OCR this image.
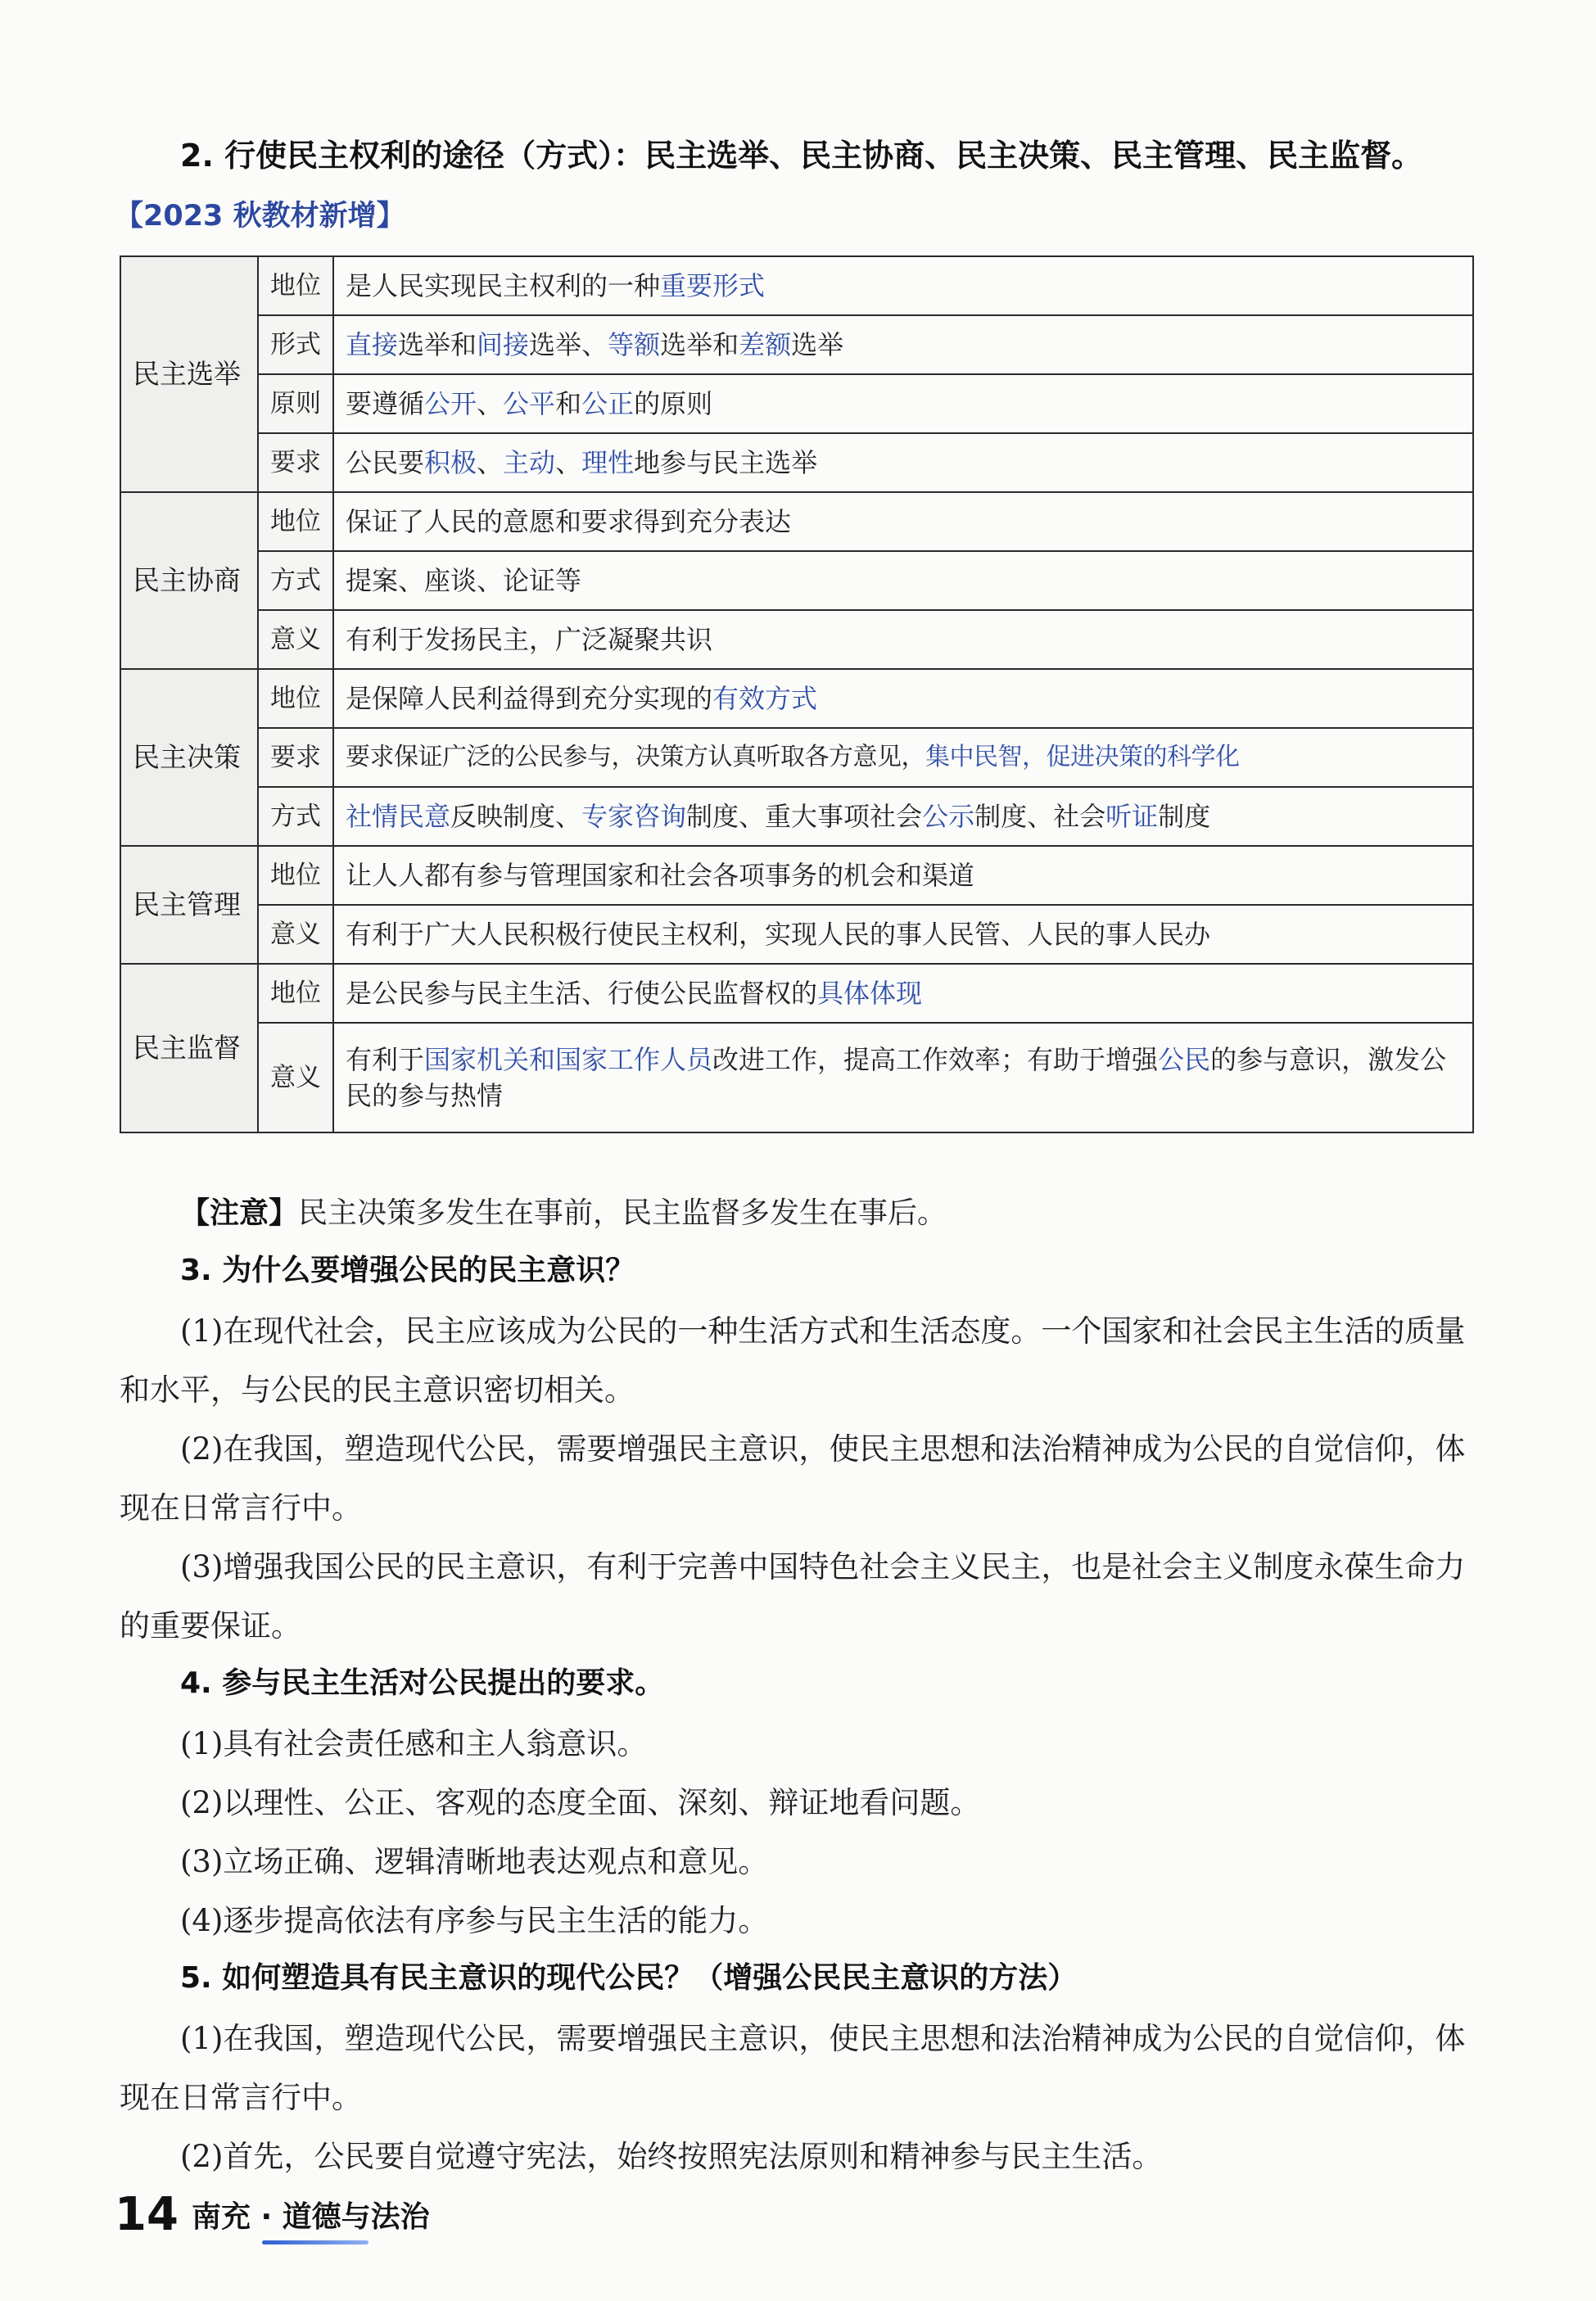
2. 行使民主权利的途径（方式）：民主选举、民主协商、民主决策、民主管理、民主监督。
【2023 秋教材新增】
民主选举	地位	是人民实现民主权利的一种重要形式
	形式	直接选举和间接选举、等额选举和差额选举
	原则	要遵循公开、公平和公正的原则
	要求	公民要积极、主动、理性地参与民主选举
民主协商	地位	保证了人民的意愿和要求得到充分表达
	方式	提案、座谈、论证等
	意义	有利于发扬民主，广泛凝聚共识
民主决策	地位	是保障人民利益得到充分实现的有效方式
	要求	要求保证广泛的公民参与，决策方认真听取各方意见，集中民智，促进决策的科学化
	方式	社情民意反映制度、专家咨询制度、重大事项社会公示制度、社会听证制度
民主管理	地位	让人人都有参与管理国家和社会各项事务的机会和渠道
	意义	有利于广大人民积极行使民主权利，实现人民的事人民管、人民的事人民办
民主监督	地位	是公民参与民主生活、行使公民监督权的具体体现
	意义	有利于国家机关和国家工作人员改进工作，提高工作效率；有助于增强公民的参与意识，激发公民的参与热情
【注意】民主决策多发生在事前，民主监督多发生在事后。
3. 为什么要增强公民的民主意识？
(1)在现代社会，民主应该成为公民的一种生活方式和生活态度。一个国家和社会民主生活的质量和水平，与公民的民主意识密切相关。
(2)在我国，塑造现代公民，需要增强民主意识，使民主思想和法治精神成为公民的自觉信仰，体现在日常言行中。
(3)增强我国公民的民主意识，有利于完善中国特色社会主义民主，也是社会主义制度永葆生命力的重要保证。
4. 参与民主生活对公民提出的要求。
(1)具有社会责任感和主人翁意识。
(2)以理性、公正、客观的态度全面、深刻、辩证地看问题。
(3)立场正确、逻辑清晰地表达观点和意见。
(4)逐步提高依法有序参与民主生活的能力。
5. 如何塑造具有民主意识的现代公民？（增强公民民主意识的方法）
(1)在我国，塑造现代公民，需要增强民主意识，使民主思想和法治精神成为公民的自觉信仰，体现在日常言行中。
(2)首先，公民要自觉遵守宪法，始终按照宪法原则和精神参与民主生活。
14 南充 · 道德与法治
